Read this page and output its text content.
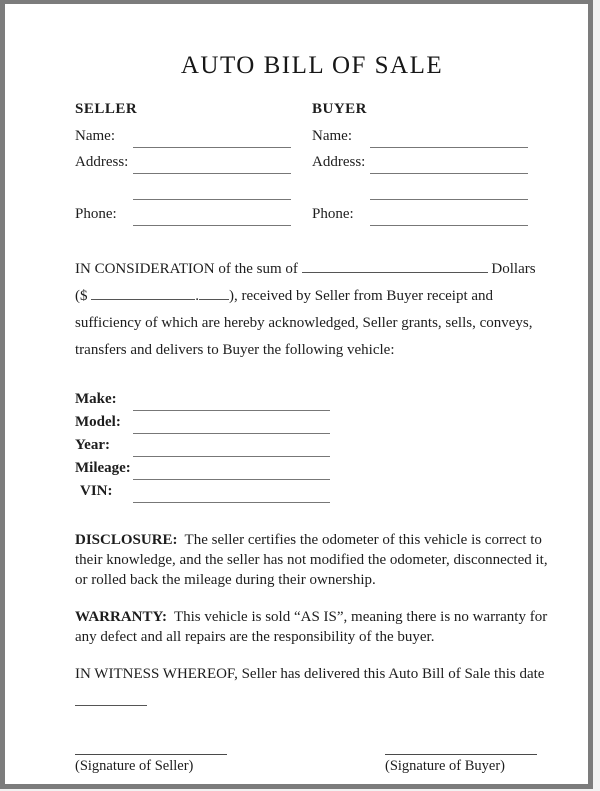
AUTO BILL OF SALE
SELLER
Name:
Address:
Phone:
BUYER
Name:
Address:
Phone:
IN CONSIDERATION of the sum of	Dollars ($	. ), received by Seller from Buyer receipt and sufficiency of which are hereby acknowledged, Seller grants, sells, conveys, transfers and delivers to Buyer the following vehicle:
Make:
Model:
Year:
Mileage:
VIN:
DISCLOSURE: The seller certifies the odometer of this vehicle is correct to their knowledge, and the seller has not modified the odometer, disconnected it, or rolled back the mileage during their ownership.
WARRANTY: This vehicle is sold “AS IS”, meaning there is no warranty for any defect and all repairs are the responsibility of the buyer.
IN WITNESS WHEREOF, Seller has delivered this Auto Bill of Sale this date
(Signature of Seller)	(Signature of Buyer)
